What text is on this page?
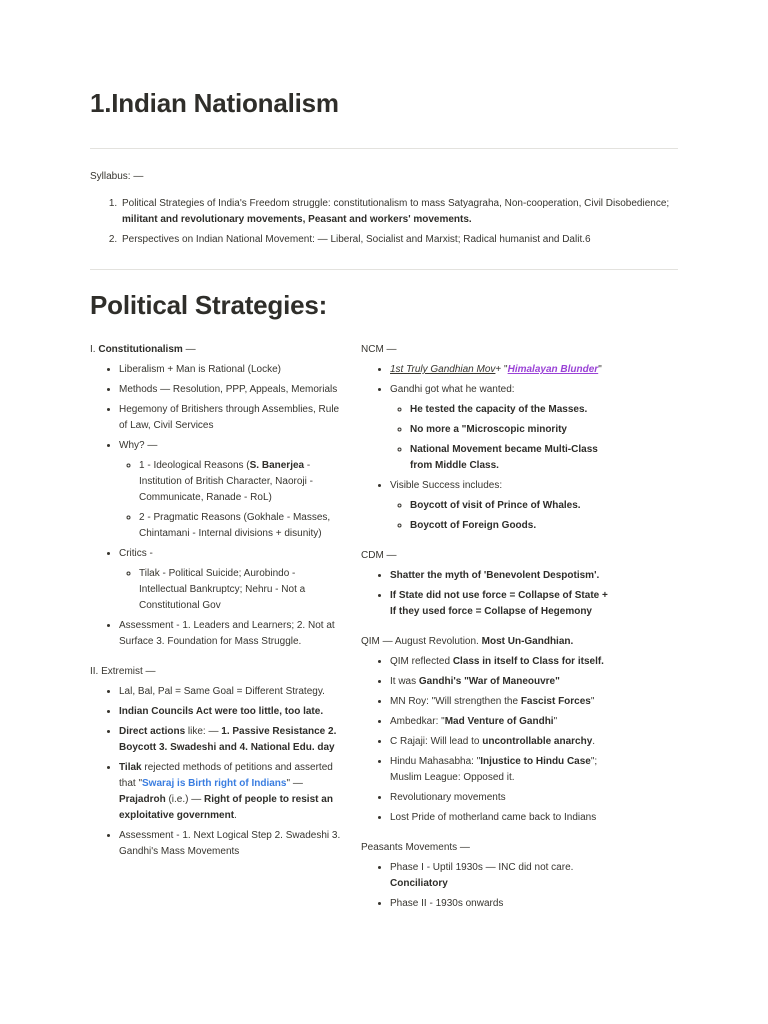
1.Indian Nationalism
Syllabus: —
1. Political Strategies of India's Freedom struggle: constitutionalism to mass Satyagraha, Non-cooperation, Civil Disobedience; militant and revolutionary movements, Peasant and workers' movements.
2. Perspectives on Indian National Movement: — Liberal, Socialist and Marxist; Radical humanist and Dalit.6
Political Strategies:

I. Constitutionalism —

• Liberalism + Man is Rational (Locke)
• Methods — Resolution, PPP, Appeals, Memorials
• Hegemony of Britishers through Assemblies, Rule of Law, Civil Services
• Why? —
◦ 1 - Ideological Reasons (S. Banerjea - Institution of British Character, Naoroji - Communicate, Ranade - RoL)
◦ 2 - Pragmatic Reasons (Gokhale - Masses, Chintamani - Internal divisions + disunity)
• Critics -
◦ Tilak - Political Suicide; Aurobindo - Intellectual Bankruptcy; Nehru - Not a Constitutional Gov
• Assessment - 1. Leaders and Learners; 2. Not at Surface 3. Foundation for Mass Struggle.

II. Extremist —

• Lal, Bal, Pal = Same Goal = Different Strategy.
• Indian Councils Act were too little, too late.
• Direct actions like: — 1. Passive Resistance 2. Boycott 3. Swadeshi and 4. National Edu. day
• Tilak rejected methods of petitions and asserted that "Swaraj is Birth right of Indians" — Prajadroh (i.e.) — Right of people to resist an exploitative government.
• Assessment - 1. Next Logical Step 2. Swadeshi 3. Gandhi's Mass Movements

NCM —

• 1st Truly Gandhian Mov+ "Himalayan Blunder"
• Gandhi got what he wanted:
◦ He tested the capacity of the Masses.
◦ No more a "Microscopic minority
◦ National Movement became Multi-Class from Middle Class.
• Visible Success includes:
◦ Boycott of visit of Prince of Whales.
◦ Boycott of Foreign Goods.

CDM —

• Shatter the myth of 'Benevolent Despotism'.
• If State did not use force = Collapse of State + If they used force = Collapse of Hegemony

QIM — August Revolution. Most Un-Gandhian.

• QIM reflected Class in itself to Class for itself.
• It was Gandhi's "War of Maneouvre"
• MN Roy: "Will strengthen the Fascist Forces"
• Ambedkar: "Mad Venture of Gandhi"
• C Rajaji: Will lead to uncontrollable anarchy.
• Hindu Mahasabha: "Injustice to Hindu Case"; Muslim League: Opposed it.
• Revolutionary movements
• Lost Pride of motherland came back to Indians

Peasants Movements —

• Phase I - Uptil 1930s — INC did not care. Conciliatory
• Phase II - 1930s onwards
